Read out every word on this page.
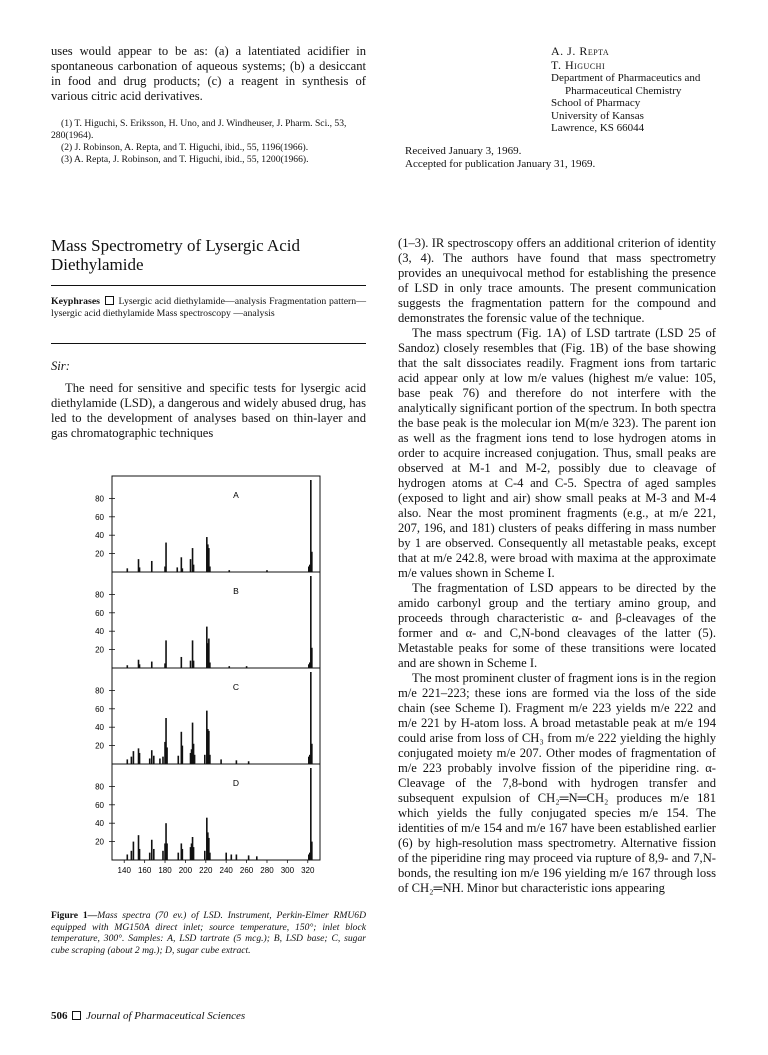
uses would appear to be as: (a) a latentiated acidifier in spontaneous carbonation of aqueous systems; (b) a desiccant in food and drug products; (c) a reagent in synthesis of various citric acid derivatives.

(1) T. Higuchi, S. Eriksson, H. Uno, and J. Windheuser, J. Pharm. Sci., 53, 280(1964).

(2) J. Robinson, A. Repta, and T. Higuchi, ibid., 55, 1196(1966).

(3) A. Repta, J. Robinson, and T. Higuchi, ibid., 55, 1200(1966).

A. J. Repta
T. Higuchi
Department of Pharmaceutics and
Pharmaceutical Chemistry
School of Pharmacy
University of Kansas
Lawrence, KS 66044
Received January 3, 1969.
Accepted for publication January 31, 1969.
Mass Spectrometry of Lysergic Acid
Diethylamide
Keyphrases Lysergic acid diethylamide—analysis Fragmentation pattern—lysergic acid diethylamide Mass spectroscopy —analysis
Sir:

The need for sensitive and specific tests for lysergic acid diethylamide (LSD), a dangerous and widely abused drug, has led to the development of analyses based on thin-layer and gas chromatographic techniques

20
40
60
80	A
20
40
60
80	B
20
40
60
80	C
20
40
60
80	D
140 160 180 200 220 240 260 280 300 320
Figure 1—Mass spectra (70 ev.) of LSD. Instrument, Perkin-Elmer RMU6D equipped with MG150A direct inlet; source temperature, 150°; inlet block temperature, 300°. Samples: A, LSD tartrate (5 mcg.); B, LSD base; C, sugar cube scraping (about 2 mg.); D, sugar cube extract.

(1–3). IR spectroscopy offers an additional criterion of identity (3, 4). The authors have found that mass spectrometry provides an unequivocal method for establishing the presence of LSD in only trace amounts. The present communication suggests the fragmentation pattern for the compound and demonstrates the forensic value of the technique.

The mass spectrum (Fig. 1A) of LSD tartrate (LSD 25 of Sandoz) closely resembles that (Fig. 1B) of the base showing that the salt dissociates readily. Fragment ions from tartaric acid appear only at low m/e values (highest m/e value: 105, base peak 76) and therefore do not interfere with the analytically significant portion of the spectrum. In both spectra the base peak is the molecular ion M(m/e 323). The parent ion as well as the fragment ions tend to lose hydrogen atoms in order to acquire increased conjugation. Thus, small peaks are observed at M-1 and M-2, possibly due to cleavage of hydrogen atoms at C-4 and C-5. Spectra of aged samples (exposed to light and air) show small peaks at M-3 and M-4 also. Near the most prominent fragments (e.g., at m/e 221, 207, 196, and 181) clusters of peaks differing in mass number by 1 are observed. Consequently all metastable peaks, except that at m/e 242.8, were broad with maxima at the approximate m/e values shown in Scheme I.

The fragmentation of LSD appears to be directed by the amido carbonyl group and the tertiary amino group, and proceeds through characteristic α- and β-cleavages of the former and α- and C,N-bond cleavages of the latter (5). Metastable peaks for some of these transitions were located and are shown in Scheme I.

The most prominent cluster of fragment ions is in the region m/e 221–223; these ions are formed via the loss of the side chain (see Scheme I). Fragment m/e 223 yields m/e 222 and m/e 221 by H-atom loss. A broad metastable peak at m/e 194 could arise from loss of CH₃ from m/e 222 yielding the highly conjugated moiety m/e 207. Other modes of fragmentation of m/e 223 probably involve fission of the piperidine ring. α-Cleavage of the 7,8-bond with hydrogen transfer and subsequent expulsion of CH₂═N═CH₂ produces m/e 181 which yields the fully conjugated species m/e 154. The identities of m/e 154 and m/e 167 have been established earlier (6) by high-resolution mass spectrometry. Alternative fission of the piperidine ring may proceed via rupture of 8,9- and 7,N-bonds, the resulting ion m/e 196 yielding m/e 167 through loss of CH₂═NH. Minor but characteristic ions appearing

506 Journal of Pharmaceutical Sciences
